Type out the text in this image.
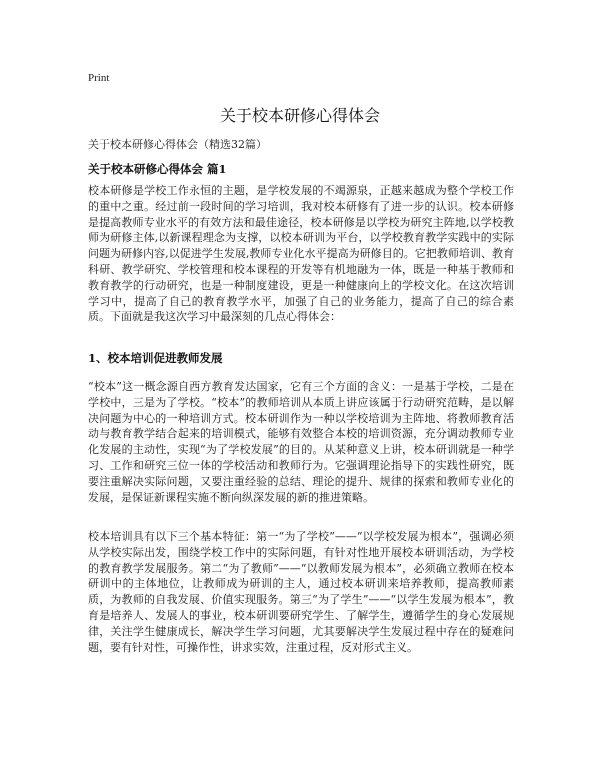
Print
关于校本研修心得体会
关于校本研修心得体会（精选32篇）
关于校本研修心得体会 篇1

校本研修是学校工作永恒的主题，是学校发展的不竭源泉，正越来越成为整个学校工作的重中之重。经过前一段时间的学习培训，我对校本研修有了进一步的认识。校本研修是提高教师专业水平的有效方法和最佳途径，校本研修是以学校为研究主阵地,以学校教师为研修主体,以新课程理念为支撑，以校本研训为平台，以学校教育教学实践中的实际问题为研修内容,以促进学生发展,教师专业化水平提高为研修目的。它把教师培训、教育科研、教学研究、学校管理和校本课程的开发等有机地融为一体，既是一种基于教师和教育教学的行动研究，也是一种制度建设，更是一种健康向上的学校文化。在这次培训学习中，提高了自己的教育教学水平，加强了自己的业务能力，提高了自己的综合素质。下面就是我这次学习中最深刻的几点心得体会：

1、校本培训促进教师发展

“校本”这一概念源自西方教育发达国家，它有三个方面的含义：一是基于学校，二是在学校中，三是为了学校。“校本”的教师培训从本质上讲应该属于行动研究范畴，是以解决问题为中心的一种培训方式。校本研训作为一种以学校培训为主阵地、将教师教育活动与教育教学结合起来的培训模式，能够有效整合本校的培训资源，充分调动教师专业化发展的主动性，实现“为了学校发展”的目的。从某种意义上讲，校本研训就是一种学习、工作和研究三位一体的学校活动和教师行为。它强调理论指导下的实践性研究，既要注重解决实际问题，又要注重经验的总结、理论的提升、规律的探索和教师专业化的发展，是保证新课程实施不断向纵深发展的新的推进策略。

校本培训具有以下三个基本特征：第一“为了学校”——“以学校发展为根本”，强调必须从学校实际出发，围绕学校工作中的实际问题，有针对性地开展校本研训活动，为学校的教育教学发展服务。第二“为了教师”——“以教师发展为根本”，必须确立教师在校本研训中的主体地位，让教师成为研训的主人，通过校本研训来培养教师，提高教师素质，为教师的自我发展、价值实现服务。第三“为了学生”——“以学生发展为根本”，教育是培养人、发展人的事业，校本研训要研究学生、了解学生，遵循学生的身心发展规律，关注学生健康成长，解决学生学习问题，尤其要解决学生发展过程中存在的疑难问题，要有针对性，可操作性，讲求实效，注重过程，反对形式主义。
